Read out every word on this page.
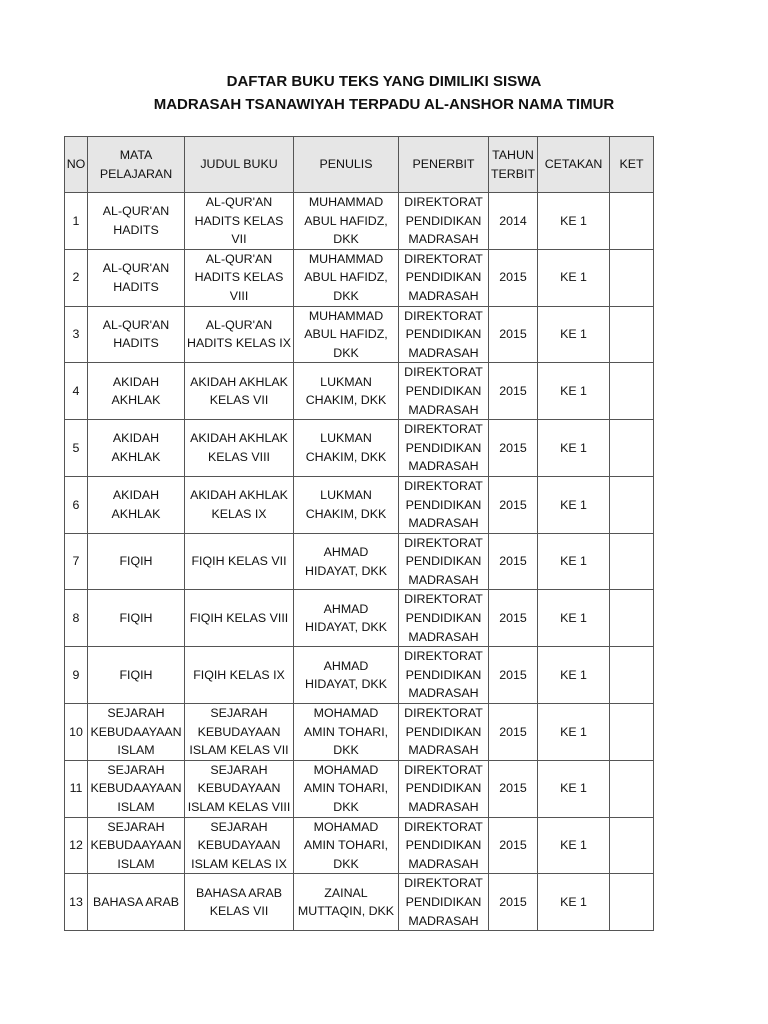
DAFTAR BUKU TEKS YANG DIMILIKI SISWA
MADRASAH TSANAWIYAH TERPADU AL-ANSHOR NAMA TIMUR
NO	MATA
PELAJARAN	JUDUL BUKU	PENULIS	PENERBIT	TAHUN
TERBIT	CETAKAN	KET

1	AL-QUR'AN
HADITS	AL-QUR'AN
HADITS KELAS VII	MUHAMMAD
ABUL HAFIDZ,
DKK	DIREKTORAT
PENDIDIKAN
MADRASAH	2014	KE 1	

2	AL-QUR'AN
HADITS	AL-QUR'AN
HADITS KELAS VIII	MUHAMMAD
ABUL HAFIDZ,
DKK	DIREKTORAT
PENDIDIKAN
MADRASAH	2015	KE 1	

3	AL-QUR'AN
HADITS	AL-QUR'AN
HADITS KELAS IX	MUHAMMAD
ABUL HAFIDZ,
DKK	DIREKTORAT
PENDIDIKAN
MADRASAH	2015	KE 1	

4	AKIDAH
AKHLAK	AKIDAH AKHLAK
KELAS VII	LUKMAN
CHAKIM, DKK	DIREKTORAT
PENDIDIKAN
MADRASAH	2015	KE 1	

5	AKIDAH
AKHLAK	AKIDAH AKHLAK
KELAS VIII	LUKMAN
CHAKIM, DKK	DIREKTORAT
PENDIDIKAN
MADRASAH	2015	KE 1	

6	AKIDAH
AKHLAK	AKIDAH AKHLAK
KELAS IX	LUKMAN
CHAKIM, DKK	DIREKTORAT
PENDIDIKAN
MADRASAH	2015	KE 1	

7	FIQIH	FIQIH KELAS VII	AHMAD
HIDAYAT, DKK	DIREKTORAT
PENDIDIKAN
MADRASAH	2015	KE 1	

8	FIQIH	FIQIH KELAS VIII	AHMAD
HIDAYAT, DKK	DIREKTORAT
PENDIDIKAN
MADRASAH	2015	KE 1	

9	FIQIH	FIQIH KELAS IX	AHMAD
HIDAYAT, DKK	DIREKTORAT
PENDIDIKAN
MADRASAH	2015	KE 1	

10	SEJARAH
KEBUDAAYAAN
ISLAM	SEJARAH
KEBUDAYAAN
ISLAM KELAS VII	MOHAMAD
AMIN TOHARI,
DKK	DIREKTORAT
PENDIDIKAN
MADRASAH	2015	KE 1	

11	SEJARAH
KEBUDAAYAAN
ISLAM	SEJARAH
KEBUDAYAAN
ISLAM KELAS VIII	MOHAMAD
AMIN TOHARI,
DKK	DIREKTORAT
PENDIDIKAN
MADRASAH	2015	KE 1	

12	SEJARAH
KEBUDAAYAAN
ISLAM	SEJARAH
KEBUDAYAAN
ISLAM KELAS IX	MOHAMAD
AMIN TOHARI,
DKK	DIREKTORAT
PENDIDIKAN
MADRASAH	2015	KE 1	

13	BAHASA ARAB	BAHASA ARAB
KELAS VII	ZAINAL
MUTTAQIN, DKK	DIREKTORAT
PENDIDIKAN
MADRASAH	2015	KE 1	
